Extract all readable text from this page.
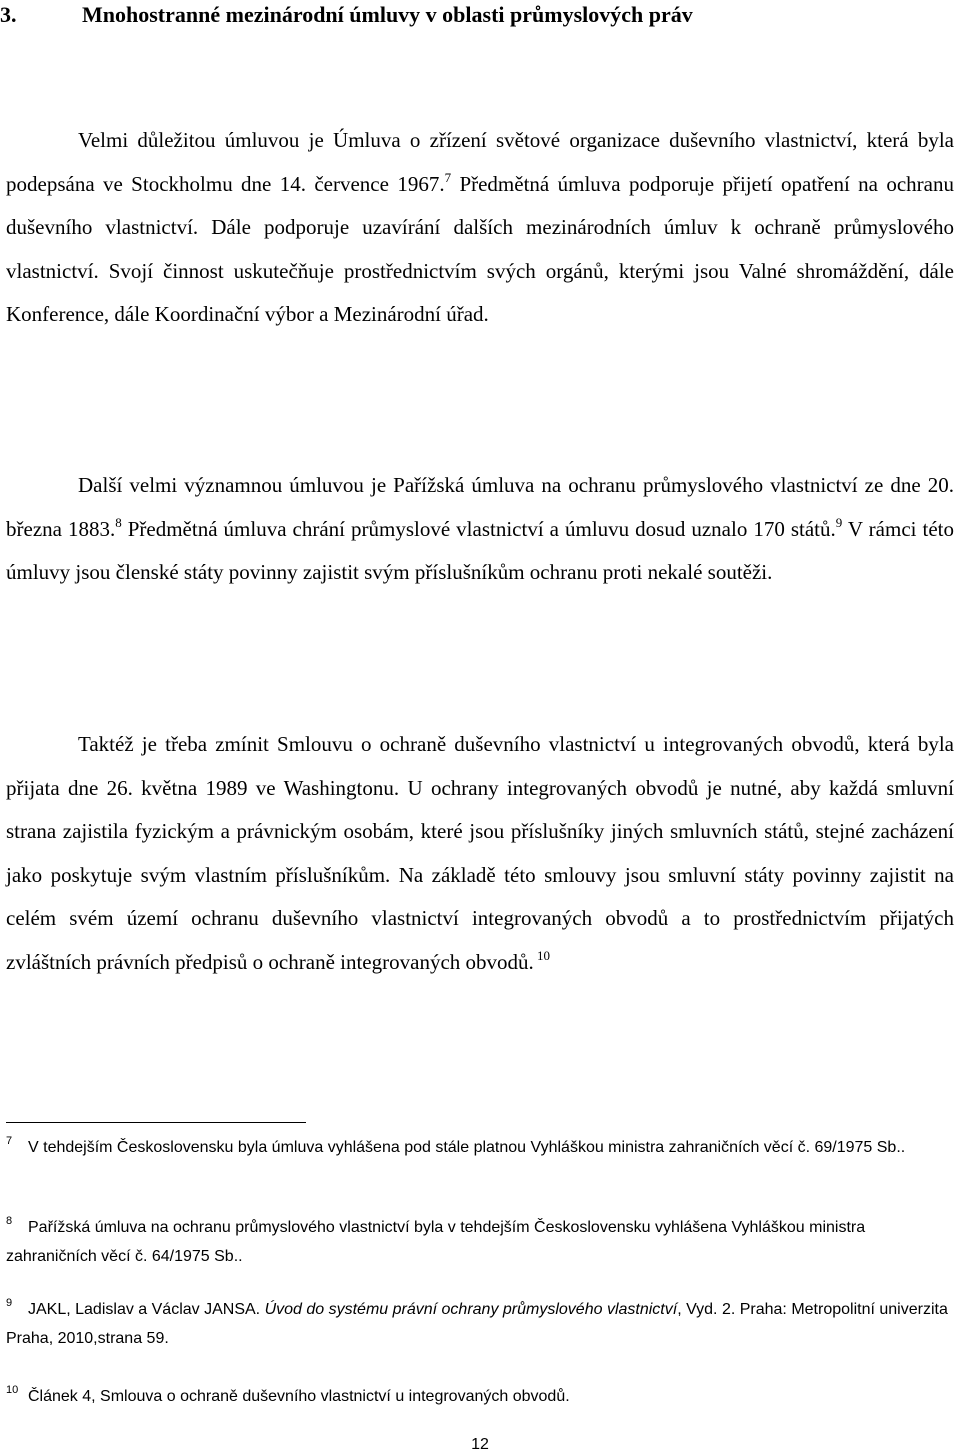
3.	Mnohostranné mezinárodní úmluvy v oblasti průmyslových práv
Velmi důležitou úmluvou je Úmluva o zřízení světové organizace duševního vlastnictví, která byla podepsána ve Stockholmu dne 14. července 1967.$^7$ Předmětná úmluva podporuje přijetí opatření na ochranu duševního vlastnictví. Dále podporuje uzavírání dalších mezinárodních úmluv k ochraně průmyslového vlastnictví. Svojí činnost uskutečňuje prostřednictvím svých orgánů, kterými jsou Valné shromáždění, dále Konference, dále Koordinační výbor a Mezinárodní úřad.
Další velmi významnou úmluvou je Pařížská úmluva na ochranu průmyslového vlastnictví ze dne 20. března 1883.$^8$ Předmětná úmluva chrání průmyslové vlastnictví a úmluvu dosud uznalo 170 států.$^9$ V rámci této úmluvy jsou členské státy povinny zajistit svým příslušníkům ochranu proti nekalé soutěži.
Taktéž je třeba zmínit Smlouvu o ochraně duševního vlastnictví u integrovaných obvodů, která byla přijata dne 26. května 1989 ve Washingtonu. U ochrany integrovaných obvodů je nutné, aby každá smluvní strana zajistila fyzickým a právnickým osobám, které jsou příslušníky jiných smluvních států, stejné zacházení jako poskytuje svým vlastním příslušníkům. Na základě této smlouvy jsou smluvní státy povinny zajistit na celém svém území ochranu duševního vlastnictví integrovaných obvodů a to prostřednictvím přijatých zvláštních právních předpisů o ochraně integrovaných obvodů. $^{10}$
7 V tehdejším Československu byla úmluva vyhlášena pod stále platnou Vyhláškou ministra zahraničních věcí č. 69/1975 Sb..
8 Pařížská úmluva na ochranu průmyslového vlastnictví byla v tehdejším Československu vyhlášena Vyhláškou ministra zahraničních věcí č. 64/1975 Sb..
9 JAKL, Ladislav a Václav JANSA. Úvod do systému právní ochrany průmyslového vlastnictví, Vyd. 2. Praha: Metropolitní univerzita Praha, 2010,strana 59.
10 Článek 4, Smlouva o ochraně duševního vlastnictví u integrovaných obvodů.
12
